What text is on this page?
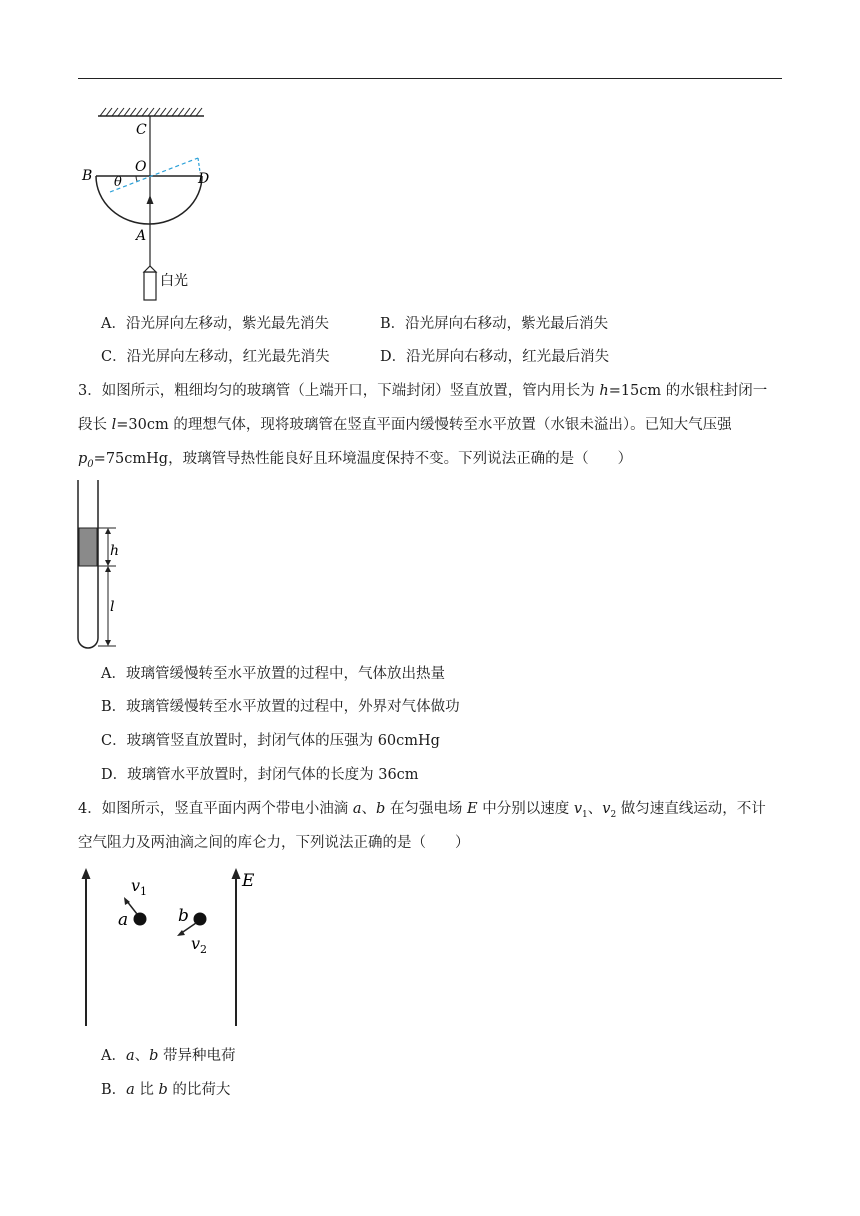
C
O
B	D
θ
A
白光
A．沿光屏向左移动，紫光最先消失	B．沿光屏向右移动，紫光最后消失
C．沿光屏向左移动，红光最先消失	D．沿光屏向右移动，红光最后消失
3．如图所示，粗细均匀的玻璃管（上端开口，下端封闭）竖直放置，管内用长为 h=15cm 的水银柱封闭一
段长 l=30cm 的理想气体，现将玻璃管在竖直平面内缓慢转至水平放置（水银未溢出）。已知大气压强
$p_0=75cmHg$，玻璃管导热性能良好且环境温度保持不变。下列说法正确的是（　　）
h
l
A．玻璃管缓慢转至水平放置的过程中，气体放出热量
B．玻璃管缓慢转至水平放置的过程中，外界对气体做功
C．玻璃管竖直放置时，封闭气体的压强为 60cmHg
D．玻璃管水平放置时，封闭气体的长度为 36cm
4．如图所示，竖直平面内两个带电小油滴 a、b 在匀强电场 E 中分别以速度 $v_1$、$v_2$ 做匀速直线运动，不计
空气阻力及两油滴之间的库仑力，下列说法正确的是（　　）
E
a	b
$v_1$
$v_2$
A．a、b 带异种电荷
B．a 比 b 的比荷大
